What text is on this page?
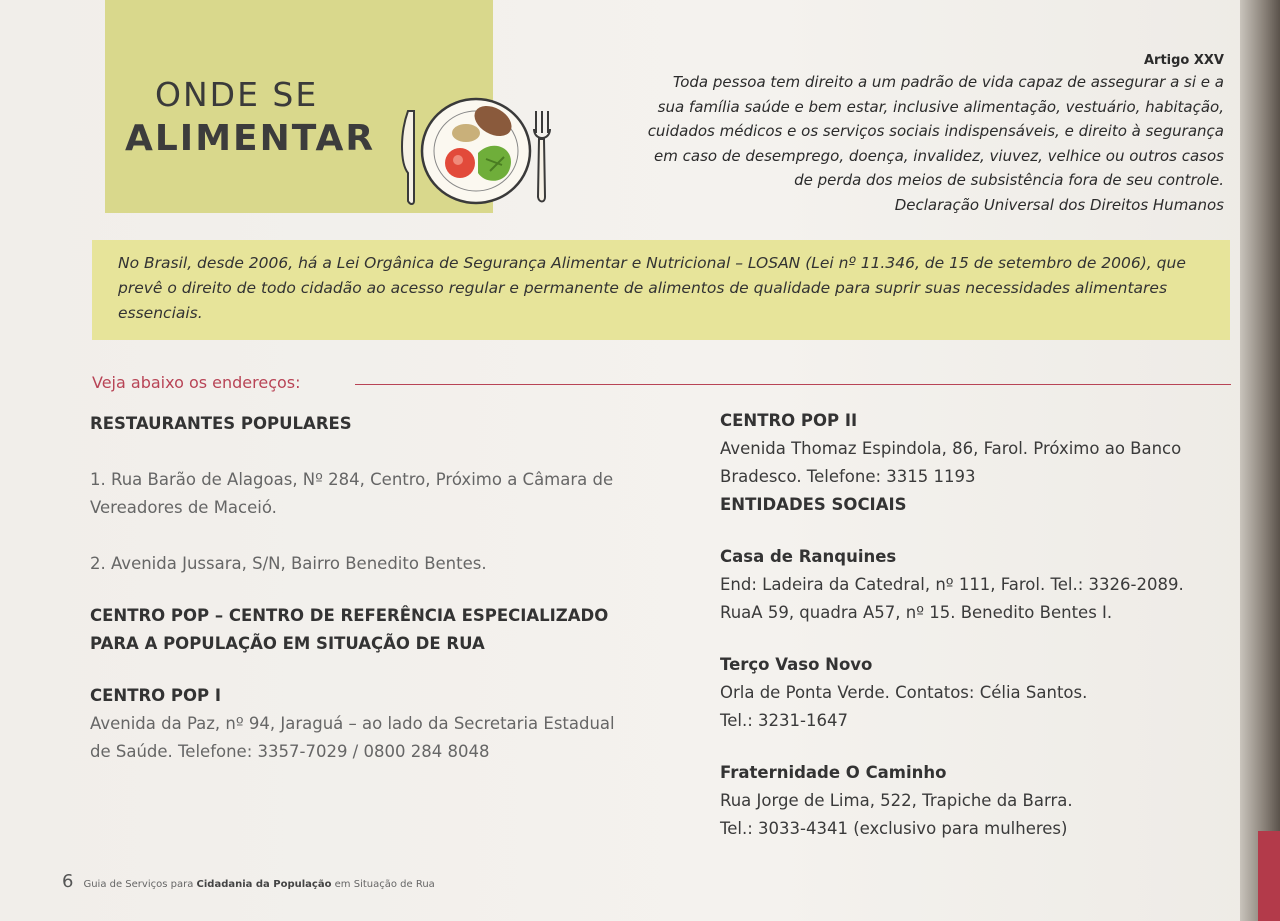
ONDE SE
ALIMENTAR
Artigo XXV
Toda pessoa tem direito a um padrão de vida capaz de assegurar a si e a
sua família saúde e bem estar, inclusive alimentação, vestuário, habitação,
cuidados médicos e os serviços sociais indispensáveis, e direito à segurança
em caso de desemprego, doença, invalidez, viuvez, velhice ou outros casos
de perda dos meios de subsistência fora de seu controle.
Declaração Universal dos Direitos Humanos

No Brasil, desde 2006, há a Lei Orgânica de Segurança Alimentar e Nutricional – LOSAN (Lei nº 11.346, de 15 de setembro de 2006), que prevê o direito de todo cidadão ao acesso regular e permanente de alimentos de qualidade para suprir suas necessidades alimentares essenciais.

Veja abaixo os endereços:
RESTAURANTES POPULARES

1. Rua Barão de Alagoas, Nº 284, Centro, Próximo a Câmara de Vereadores de Maceió.

2. Avenida Jussara, S/N, Bairro Benedito Bentes.

CENTRO POP – CENTRO DE REFERÊNCIA ESPECIALIZADO PARA A POPULAÇÃO EM SITUAÇÃO DE RUA

CENTRO POP I

Avenida da Paz, nº 94, Jaraguá – ao lado da Secretaria Estadual de Saúde. Telefone: 3357-7029 / 0800 284 8048

CENTRO POP II

Avenida Thomaz Espindola, 86, Farol. Próximo ao Banco Bradesco. Telefone: 3315 1193

ENTIDADES SOCIAIS
Casa de Ranquines
End: Ladeira da Catedral, nº 111, Farol. Tel.: 3326-2089.
RuaA 59, quadra A57, nº 15. Benedito Bentes I.
Terço Vaso Novo
Orla de Ponta Verde. Contatos: Célia Santos.
Tel.: 3231-1647
Fraternidade O Caminho
Rua Jorge de Lima, 522, Trapiche da Barra.
Tel.: 3033-4341 (exclusivo para mulheres)
6 Guia de Serviços para Cidadania da População em Situação de Rua
